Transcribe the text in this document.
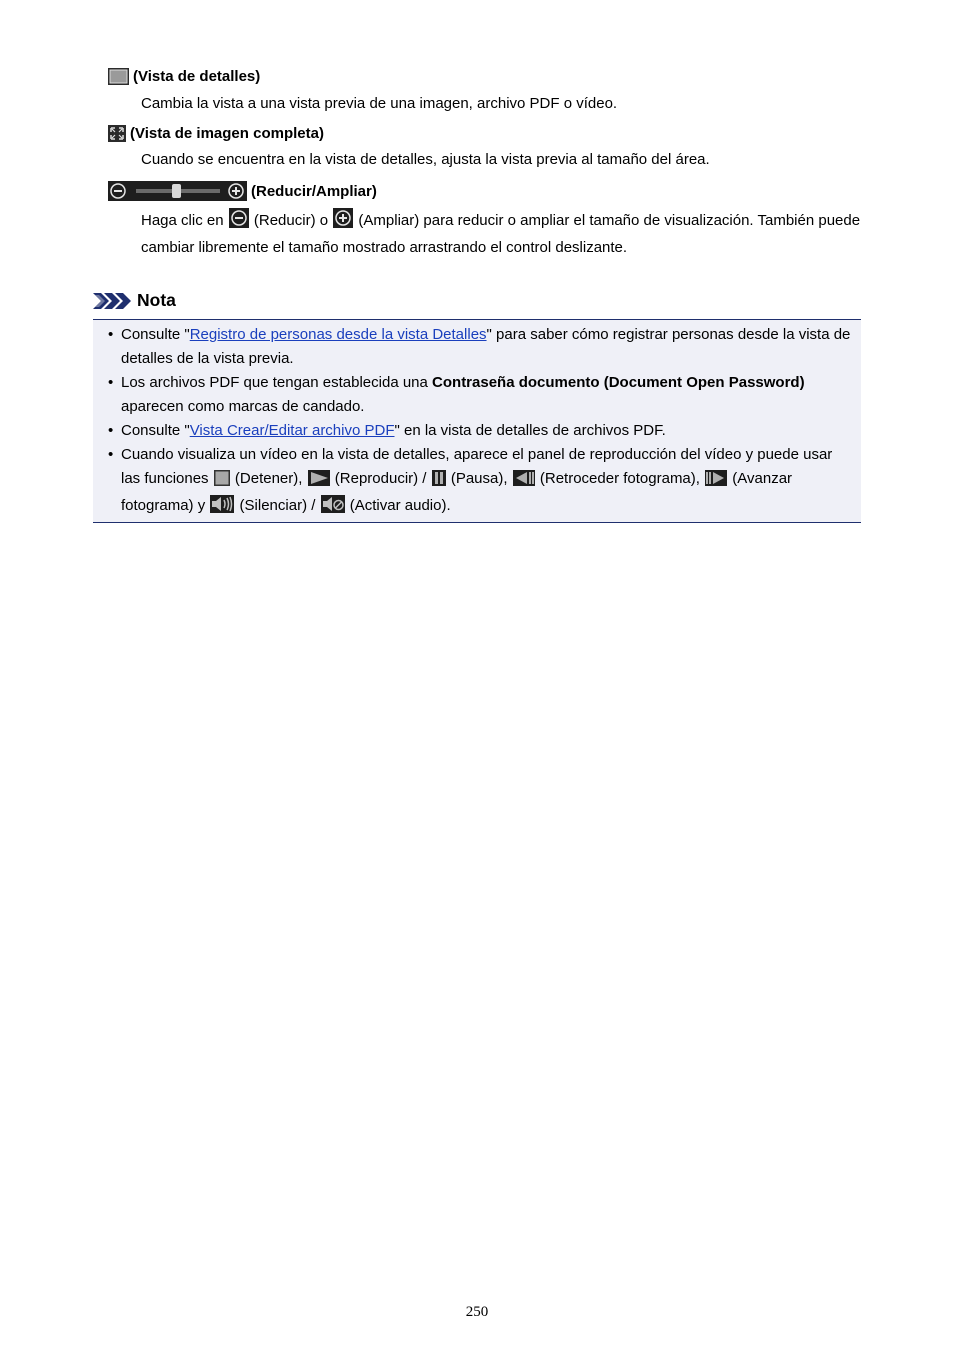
(Vista de detalles)
Cambia la vista a una vista previa de una imagen, archivo PDF o vídeo.
(Vista de imagen completa)
Cuando se encuentra en la vista de detalles, ajusta la vista previa al tamaño del área.
(Reducir/Ampliar)
Haga clic en (Reducir) o (Ampliar) para reducir o ampliar el tamaño de visualización. También puede cambiar libremente el tamaño mostrado arrastrando el control deslizante.
Nota
• Consulte "Registro de personas desde la vista Detalles" para saber cómo registrar personas desde la vista de detalles de la vista previa.
• Los archivos PDF que tengan establecida una Contraseña documento (Document Open Password) aparecen como marcas de candado.
• Consulte "Vista Crear/Editar archivo PDF" en la vista de detalles de archivos PDF.
• Cuando visualiza un vídeo en la vista de detalles, aparece el panel de reproducción del vídeo y puede usar las funciones (Detener), (Reproducir) / (Pausa), (Retroceder fotograma), (Avanzar fotograma) y (Silenciar) / (Activar audio).
250
